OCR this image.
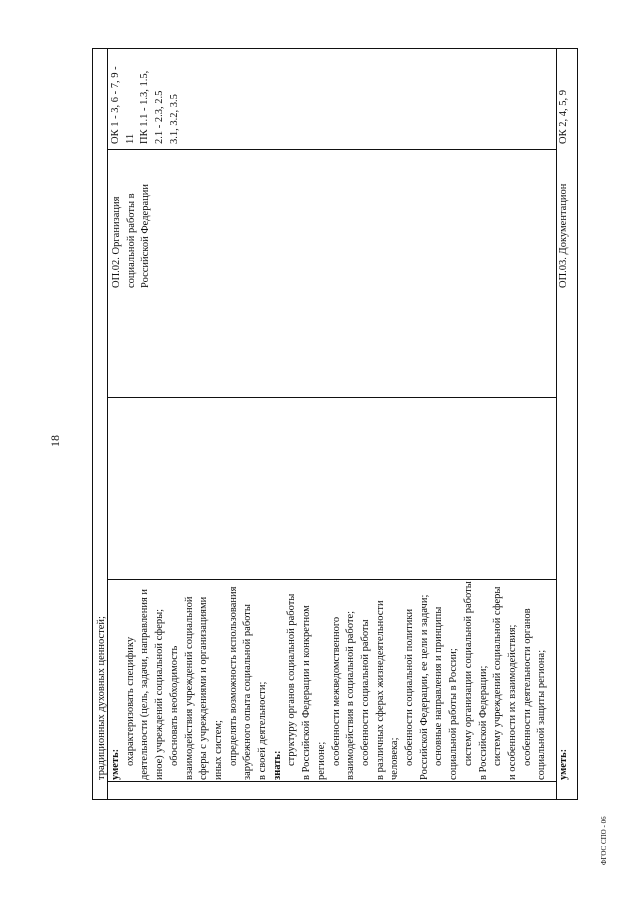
18
ФГОС СПО - 06
традиционных духовных ценностей; уметь: охарактеризовать специфику деятельности (цель, задачи, направления и иное) учреждений социальной сферы; обосновать необходимость взаимодействия учреждений социальной сферы с учреждениями и организациями иных систем; определять возможность использования зарубежного опыта социальной работы в своей деятельности; знать: структуру органов социальной работы в Российской Федерации и конкретном регионе; особенности межведомственного взаимодействия в социальной работе; особенности социальной работы в различных сферах жизнедеятельности человека; особенности социальной политики Российской Федерации, ее цели и задачи; основные направления и принципы социальной работы в России; систему организации социальной работы в Российской Федерации; систему учреждений социальной сферы и особенности их взаимодействия; особенности деятельности органов социальной защиты региона;
ОП.02. Организация социальной работы в Российской Федерации
ОК 1 - 3, 6 - 7, 9 - 11 ПК 1.1 - 1.3, 1.5, 2.1 - 2.3, 2.5 3.1, 3.2, 3.5
уметь:
ОП.03. Документацион
ОК 2, 4, 5, 9
